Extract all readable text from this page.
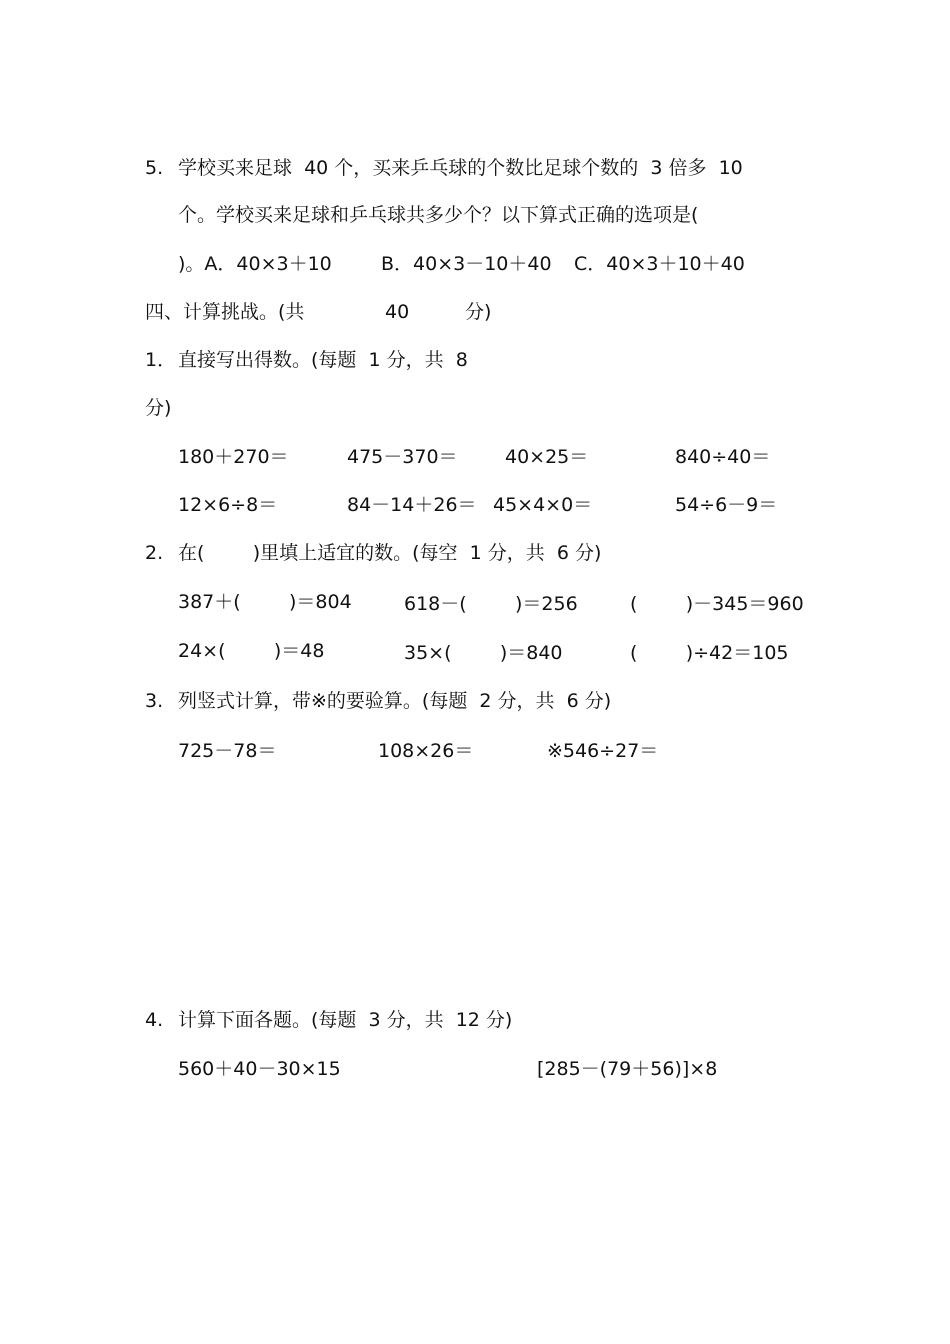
5. 学校买来足球  40 个，买来乒乓球的个数比足球个数的  3 倍多  10
个。学校买来足球和乒乓球共多少个？以下算式正确的选项是(
)。A．40×3＋10	B．40×3－10＋40 C．40×3＋10＋40
四、计算挑战。(共	40	分)
1． 直接写出得数。(每题  1 分，共  8
分)
180＋270＝	475－370＝ 40×25＝	840÷40＝
12×6÷8＝	84－14＋26＝ 45×4×0＝	54÷6－9＝
2. 在(        )里填上适宜的数。(每空  1 分，共  6 分)
387＋(        )＝804	618－(        )＝256	(        )－345＝960
24×(        )＝48	35×(        )＝840	(        )÷42＝105
3. 列竖式计算，带※的要验算。(每题  2 分，共  6 分)
725－78＝	108×26＝	※546÷27＝
4. 计算下面各题。(每题  3 分，共  12 分)
560＋40－30×15	[285－(79＋56)]×8
